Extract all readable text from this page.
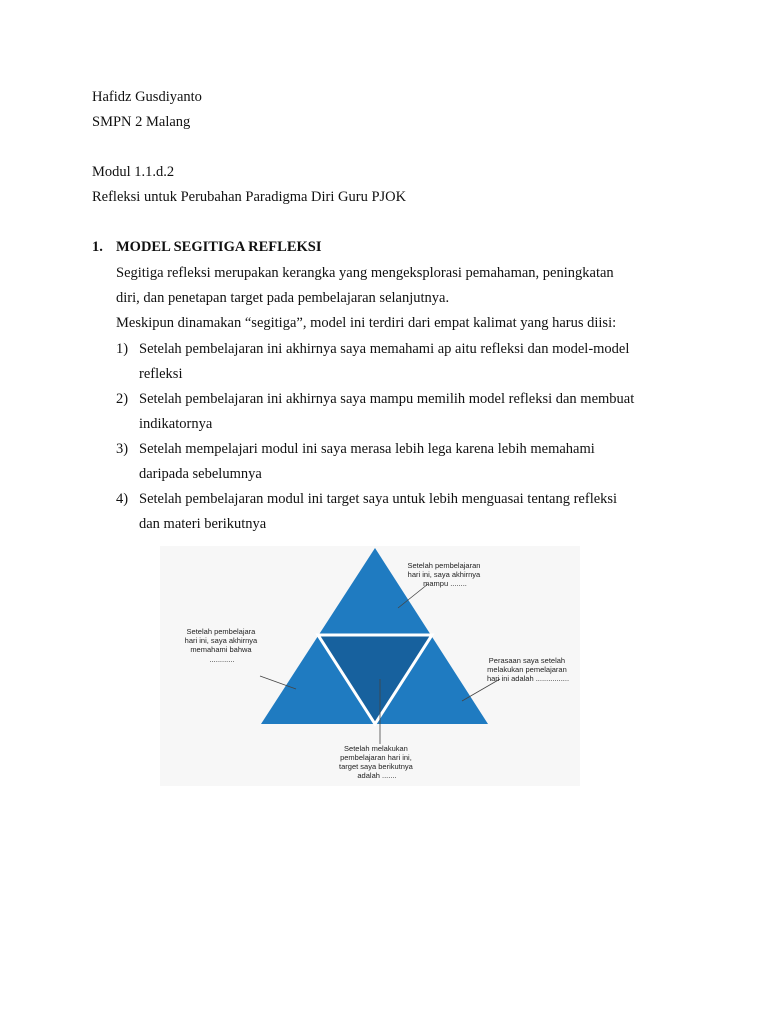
Hafidz Gusdiyanto
SMPN 2 Malang
Modul 1.1.d.2
Refleksi untuk Perubahan Paradigma Diri Guru PJOK
1. MODEL SEGITIGA REFLEKSI
Segitiga refleksi merupakan kerangka yang mengeksplorasi pemahaman, peningkatan
diri, dan penetapan target pada pembelajaran selanjutnya.
Meskipun dinamakan “segitiga”, model ini terdiri dari empat kalimat yang harus diisi:
1) Setelah pembelajaran ini akhirnya saya memahami ap aitu refleksi dan model-model
refleksi
2) Setelah pembelajaran ini akhirnya saya mampu memilih model refleksi dan membuat
indikatornya
3) Setelah mempelajari modul ini saya merasa lebih lega karena lebih memahami
daripada sebelumnya
4) Setelah pembelajaran modul ini target saya untuk lebih menguasai tentang refleksi
dan materi berikutnya
Setelah pembelajaran hari ini, saya akhirnya mampu ........
Setelah pembelajara hari ini, saya akhirnya memahami bahwa ............	Perasaan saya setelah melakukan pemelajaran hari ini adalah ................
Setelah melakukan pembelajaran hari ini, target saya berikutnya adalah .......
